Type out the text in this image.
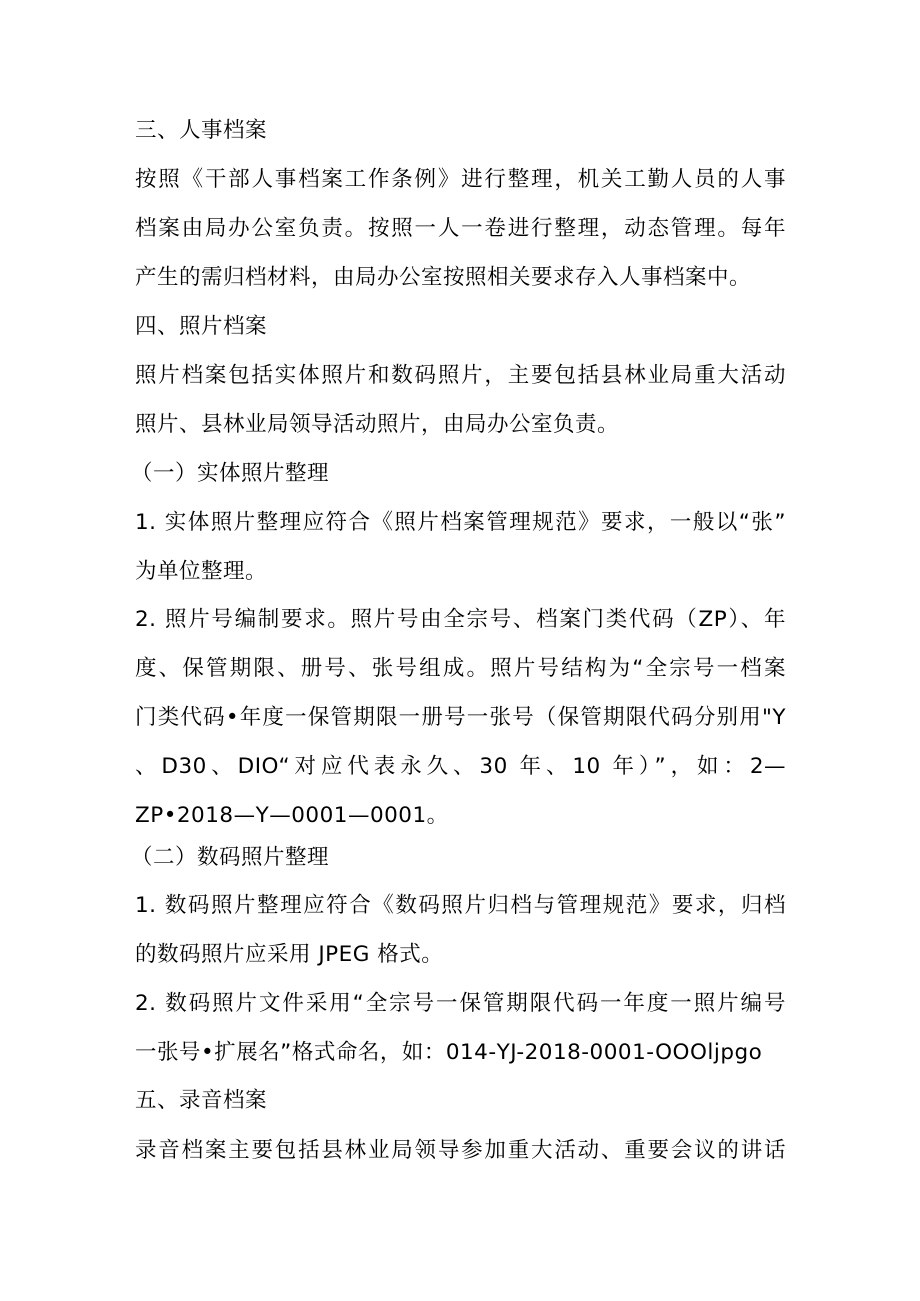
三、人事档案
按照《干部人事档案工作条例》进行整理，机关工勤人员的人事
档案由局办公室负责。按照一人一卷进行整理，动态管理。每年
产生的需归档材料，由局办公室按照相关要求存入人事档案中。
四、照片档案
照片档案包括实体照片和数码照片，主要包括县林业局重大活动
照片、县林业局领导活动照片，由局办公室负责。
（一）实体照片整理
1. 实体照片整理应符合《照片档案管理规范》要求，一般以“张”
为单位整理。
2. 照片号编制要求。照片号由全宗号、档案门类代码（ZP）、年
度、保管期限、册号、张号组成。照片号结构为“全宗号一档案
门类代码•年度一保管期限一册号一张号（保管期限代码分别用"Y
、D30、DIO“对应代表永久、30 年、10 年）”，如：2—
ZP•2018—Y—0001—0001。
（二）数码照片整理
1. 数码照片整理应符合《数码照片归档与管理规范》要求，归档
的数码照片应采用 JPEG 格式。
2. 数码照片文件采用“全宗号一保管期限代码一年度一照片编号
一张号•扩展名”格式命名，如：014-YJ-2018-0001-OOOljpgo
五、录音档案
录音档案主要包括县林业局领导参加重大活动、重要会议的讲话
